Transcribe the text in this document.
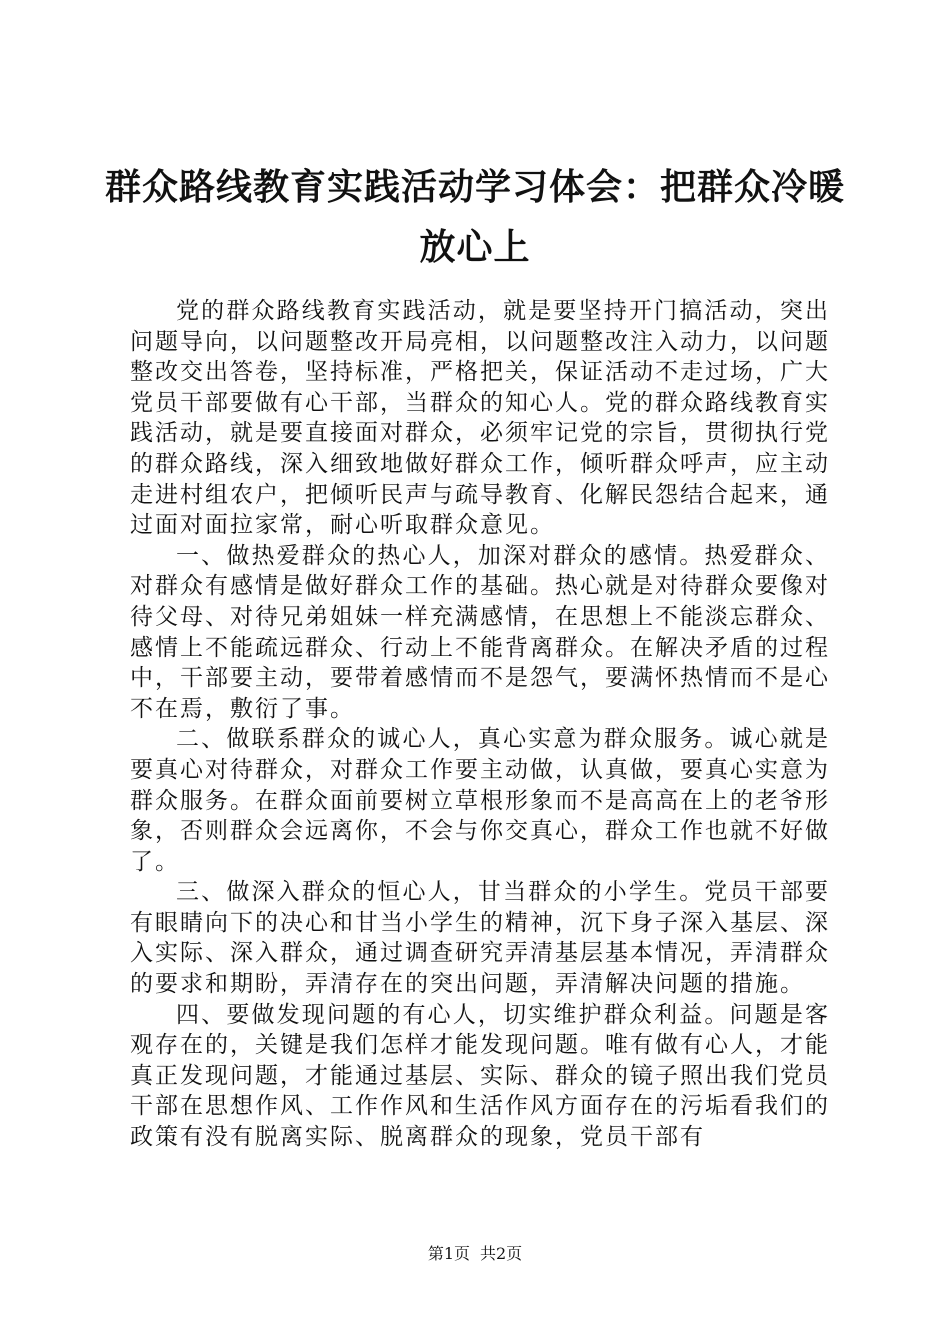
群众路线教育实践活动学习体会：把群众冷暖放心上

党的群众路线教育实践活动，就是要坚持开门搞活动，突出问题导向，以问题整改开局亮相，以问题整改注入动力，以问题整改交出答卷，坚持标准，严格把关，保证活动不走过场，广大党员干部要做有心干部，当群众的知心人。党的群众路线教育实践活动，就是要直接面对群众，必须牢记党的宗旨，贯彻执行党的群众路线，深入细致地做好群众工作，倾听群众呼声，应主动走进村组农户，把倾听民声与疏导教育、化解民怨结合起来，通过面对面拉家常，耐心听取群众意见。

一、做热爱群众的热心人，加深对群众的感情。热爱群众、对群众有感情是做好群众工作的基础。热心就是对待群众要像对待父母、对待兄弟姐妹一样充满感情，在思想上不能淡忘群众、感情上不能疏远群众、行动上不能背离群众。在解决矛盾的过程中，干部要主动，要带着感情而不是怨气，要满怀热情而不是心不在焉，敷衍了事。

二、做联系群众的诚心人，真心实意为群众服务。诚心就是要真心对待群众，对群众工作要主动做，认真做，要真心实意为群众服务。在群众面前要树立草根形象而不是高高在上的老爷形象，否则群众会远离你，不会与你交真心，群众工作也就不好做了。

三、做深入群众的恒心人，甘当群众的小学生。党员干部要有眼睛向下的决心和甘当小学生的精神，沉下身子深入基层、深入实际、深入群众，通过调查研究弄清基层基本情况，弄清群众的要求和期盼，弄清存在的突出问题，弄清解决问题的措施。

四、要做发现问题的有心人，切实维护群众利益。问题是客观存在的，关键是我们怎样才能发现问题。唯有做有心人，才能真正发现问题，才能通过基层、实际、群众的镜子照出我们党员干部在思想作风、工作作风和生活作风方面存在的污垢看我们的政策有没有脱离实际、脱离群众的现象，党员干部有

第1页 共2页
